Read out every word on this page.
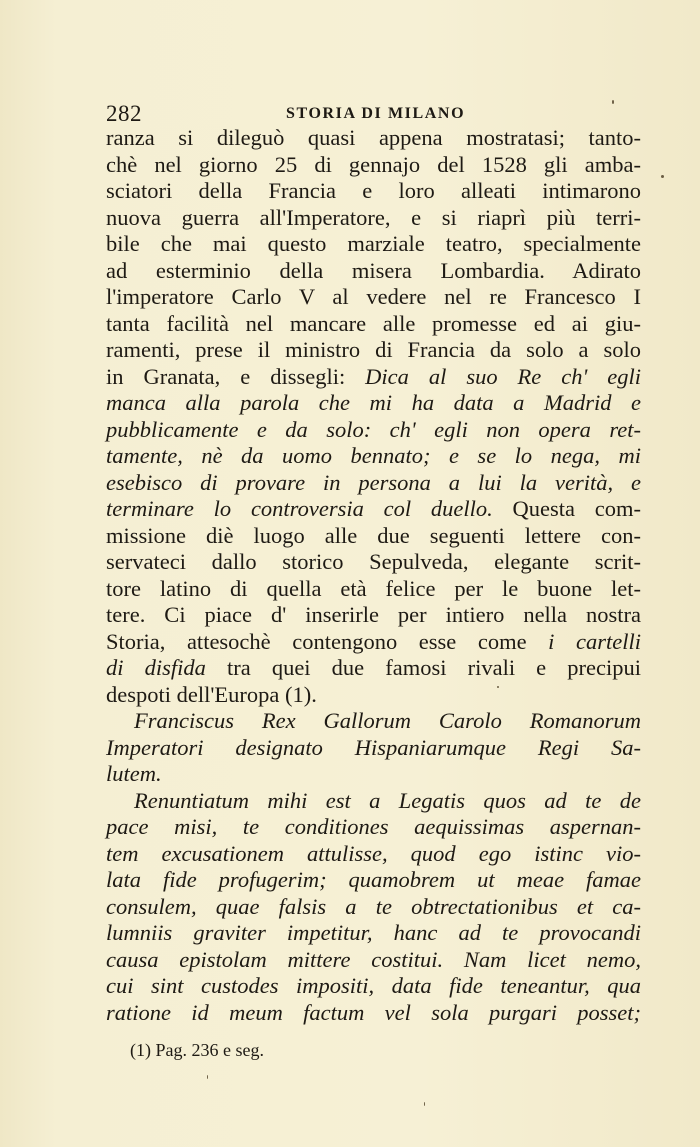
282	STORIA DI MILANO
ranza si dileguò quasi appena mostratasi; tanto-
chè nel giorno 25 di gennajo del 1528 gli amba-
sciatori della Francia e loro alleati intimarono
nuova guerra all'Imperatore, e si riaprì più terri-
bile che mai questo marziale teatro, specialmente
ad esterminio della misera Lombardia. Adirato
l'imperatore Carlo V al vedere nel re Francesco I
tanta facilità nel mancare alle promesse ed ai giu-
ramenti, prese il ministro di Francia da solo a solo
in Granata, e dissegli: Dica al suo Re ch' egli
manca alla parola che mi ha data a Madrid e
pubblicamente e da solo: ch' egli non opera ret-
tamente, nè da uomo bennato; e se lo nega, mi
esebisco di provare in persona a lui la verità, e
terminare lo controversia col duello. Questa com-
missione diè luogo alle due seguenti lettere con-
servateci dallo storico Sepulveda, elegante scrit-
tore latino di quella età felice per le buone let-
tere. Ci piace d' inserirle per intiero nella nostra
Storia, attesochè contengono esse come i cartelli
di disfida tra quei due famosi rivali e precipui
despoti dell'Europa (1).
Franciscus Rex Gallorum Carolo Romanorum
Imperatori designato Hispaniarumque Regi Sa-
lutem.
Renuntiatum mihi est a Legatis quos ad te de
pace misi, te conditiones aequissimas aspernan-
tem excusationem attulisse, quod ego istinc vio-
lata fide profugerim; quamobrem ut meae famae
consulem, quae falsis a te obtrectationibus et ca-
lumniis graviter impetitur, hanc ad te provocandi
causa epistolam mittere costitui. Nam licet nemo,
cui sint custodes impositi, data fide teneantur, qua
ratione id meum factum vel sola purgari posset;
(1) Pag. 236 e seg.
